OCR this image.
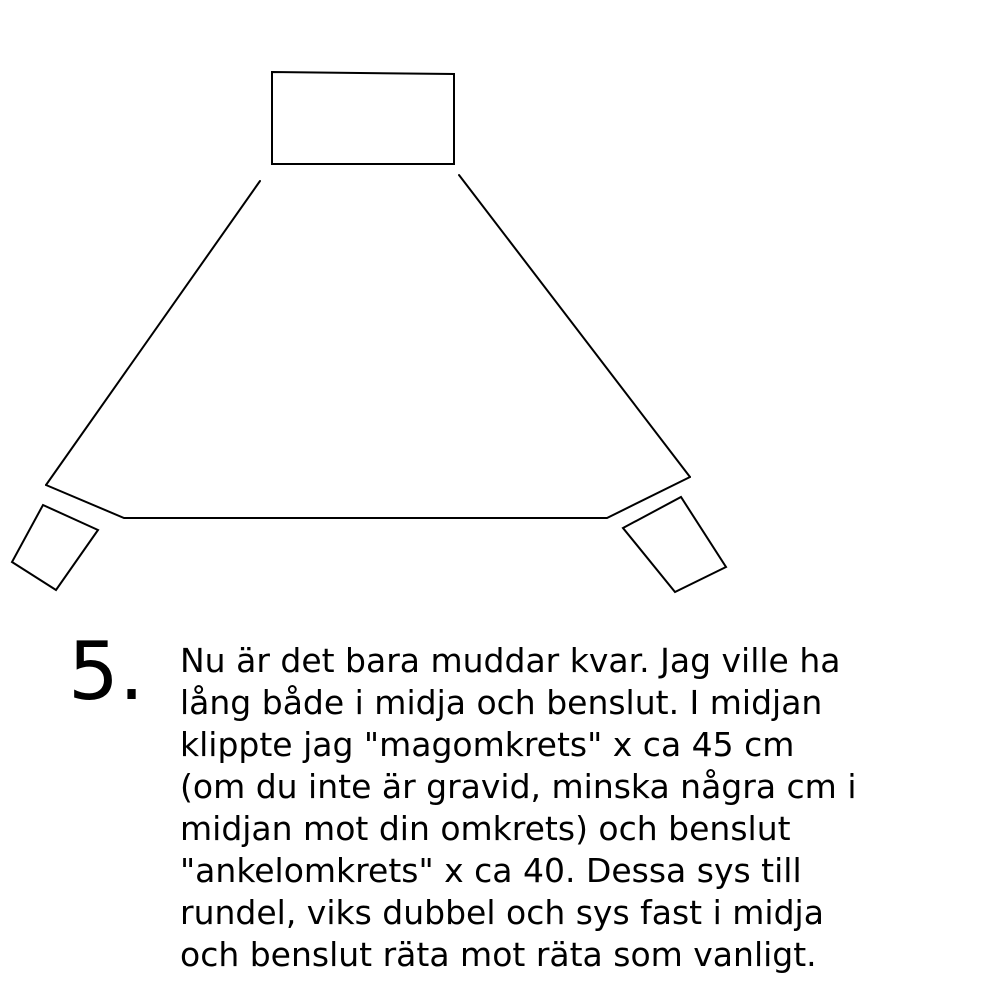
5. Nu är det bara muddar kvar. Jag ville ha
lång både i midja och benslut. I midjan
klippte jag "magomkrets" x ca 45 cm
(om du inte är gravid, minska några cm i
midjan mot din omkrets) och benslut
"ankelomkrets" x ca 40. Dessa sys till
rundel, viks dubbel och sys fast i midja
och benslut räta mot räta som vanligt.
